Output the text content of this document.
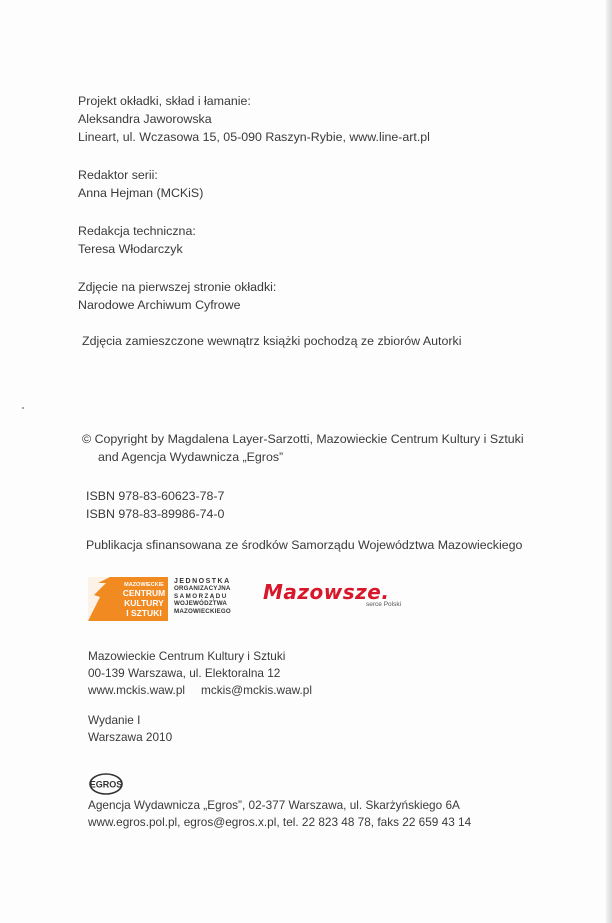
Projekt okładki, skład i łamanie:
Aleksandra Jaworowska
Lineart, ul. Wczasowa 15, 05-090 Raszyn-Rybie, www.line-art.pl
Redaktor serii:
Anna Hejman (MCKiS)
Redakcja techniczna:
Teresa Włodarczyk
Zdjęcie na pierwszej stronie okładki:
Narodowe Archiwum Cyfrowe
Zdjęcia zamieszczone wewnątrz książki pochodzą ze zbiorów Autorki
© Copyright by Magdalena Layer-Sarzotti, Mazowieckie Centrum Kultury i Sztuki
and Agencja Wydawnicza „Egros”
ISBN 978-83-60623-78-7
ISBN 978-83-89986-74-0
Publikacja sfinansowana ze środków Samorządu Województwa Mazowieckiego
MAZOWIECKIE
CENTRUM
KULTURY
I SZTUKI
JEDNOSTKA
ORGANIZACYJNA
SAMORZĄDU
WOJEWÓDZTWA
MAZOWIECKIEGO
Mazowsze.
serce Polski
Mazowieckie Centrum Kultury i Sztuki
00-139 Warszawa, ul. Elektoralna 12
www.mckis.waw.pl mckis@mckis.waw.pl
Wydanie I
Warszawa 2010
EGROS
Agencja Wydawnicza „Egros”, 02-377 Warszawa, ul. Skarżyńskiego 6A
www.egros.pol.pl, egros@egros.x.pl, tel. 22 823 48 78, faks 22 659 43 14
